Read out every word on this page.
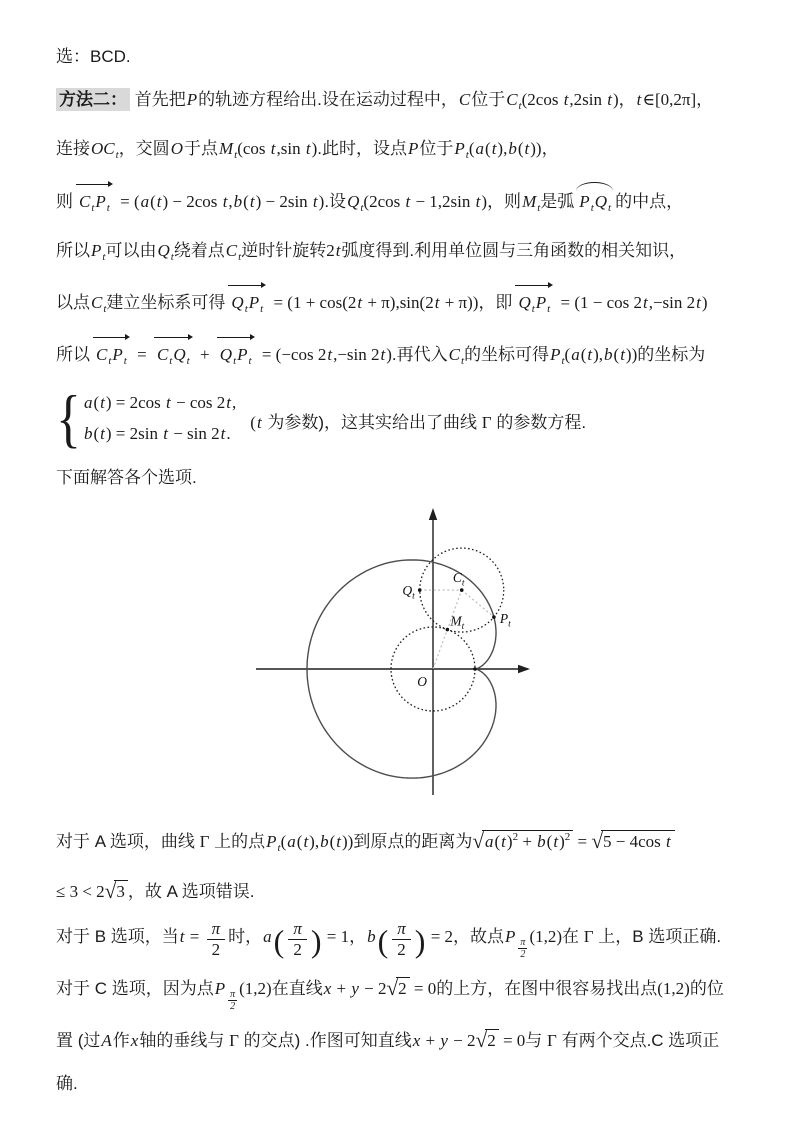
选：BCD.
方法二： 首先把P的轨迹方程给出.设在运动过程中，C位于$C_t(2\cos$ t,2sin t)，t∈[0,2π]，
连接$OC_t$，交圆O于点$M_t(\cos$ t,sin t).此时，设点P位于$P_t(a(t),b(t))$，
则 $C_tP_t = (a(t) - 2\cos$ t,b(t) − 2sin t).设$Q_t(2\cos$ t − 1,2sin t)，则$M_t$是弧 $P_tQ_t$ 的中点，
所以$P_t$可以由$Q_t$绕着点$C_t$逆时针旋转2t弧度得到.利用单位圆与三角函数的相关知识，
以点$C_t$建立坐标系可得 $Q_tP_t = (1 + \cos(2t + \pi),\sin(2t + \pi))$，即 $Q_tP_t = (1 - \cos 2t,-\sin$ 2t)
所以 $C_tP_t = C_tQ_t + Q_tP_t = (-\cos$ 2t,−sin 2t).再代入$C_t$的坐标可得$P_t(a(t),b(t))$的坐标为
{ a(t) = 2cos t − cos 2t,
b(t) = 2sin t − sin 2t.
(t 为参数)，这其实给出了曲线 Γ 的参数方程.
下面解答各个选项.
O
$Q_t$
$C_t$
$M_t$
$P_t$
对于 A 选项，曲线 Γ 上的点$P_t(a(t),b(t))$到原点的距离为$√a(t)^2 + b(t)^2 = √5 - 4\cos$ t
≤ 3 < 2√3 ，故 A 选项错误.
对于 B 选项，当$t = \frac{\pi}{2}$ 时，$a( \frac{\pi}{2}$ ) = 1，$b( \frac{\pi}{2}$ ) = 2，故点P
$\frac{\pi}{2}$
(1,2)在 Γ 上，B 选项正确.
对于 C 选项，因为点P
$\frac{\pi}{2}$
(1,2)在直线x + y − 2√2 = 0的上方，在图中很容易找出点(1,2)的位
置 (过A作x轴的垂线与 Γ 的交点) .作图可知直线x + y − 2√2 = 0与 Γ 有两个交点.C 选项正
确.
